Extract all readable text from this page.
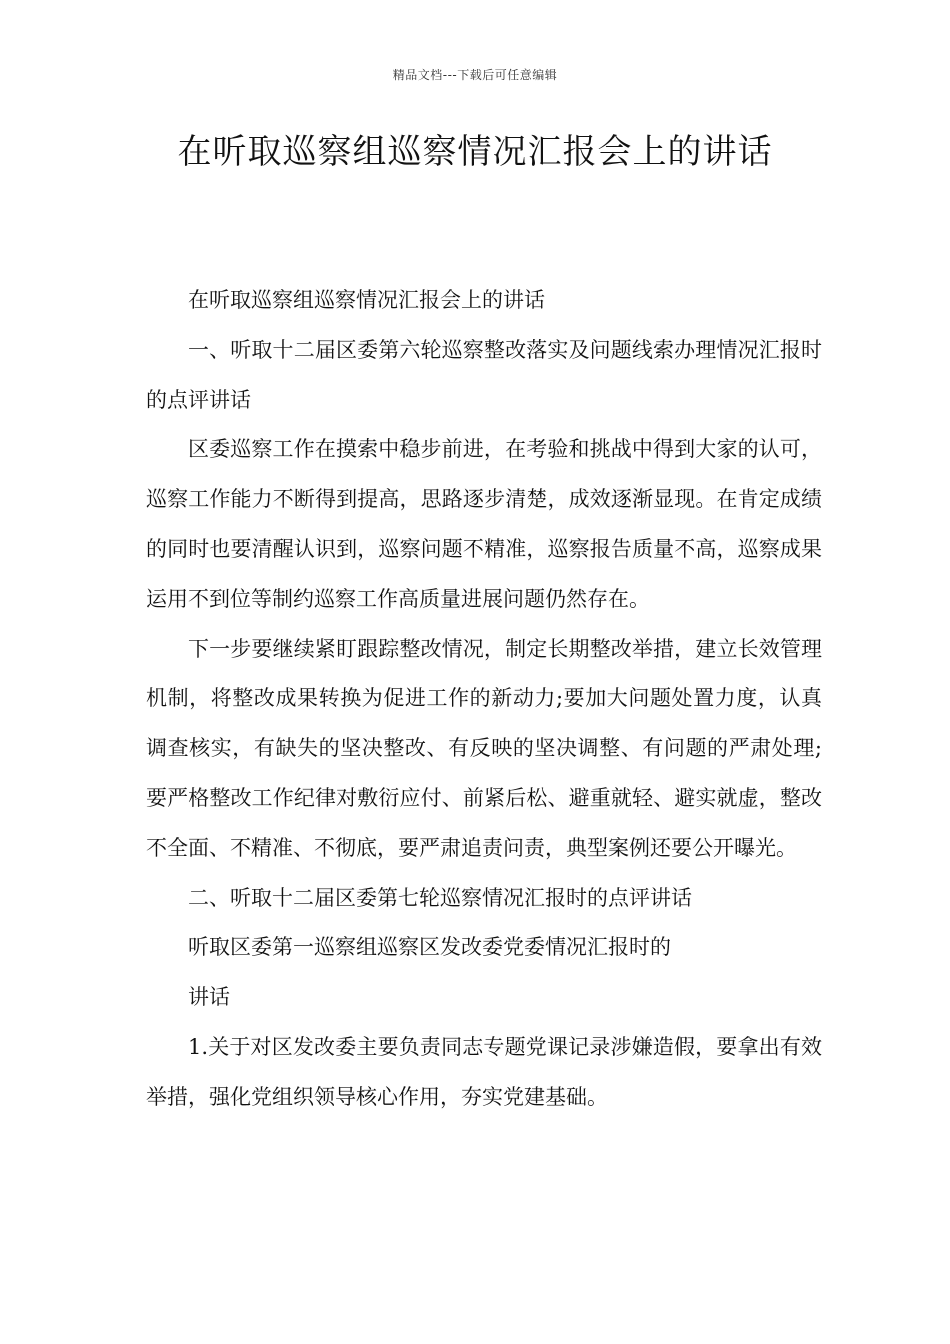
精品文档---下载后可任意编辑
在听取巡察组巡察情况汇报会上的讲话

在听取巡察组巡察情况汇报会上的讲话

一、听取十二届区委第六轮巡察整改落实及问题线索办理情况汇报时的点评讲话

区委巡察工作在摸索中稳步前进，在考验和挑战中得到大家的认可，巡察工作能力不断得到提高，思路逐步清楚，成效逐渐显现。在肯定成绩的同时也要清醒认识到，巡察问题不精准，巡察报告质量不高，巡察成果运用不到位等制约巡察工作高质量进展问题仍然存在。

下一步要继续紧盯跟踪整改情况，制定长期整改举措，建立长效管理机制，将整改成果转换为促进工作的新动力;要加大问题处置力度，认真调查核实，有缺失的坚决整改、有反映的坚决调整、有问题的严肃处理;要严格整改工作纪律对敷衍应付、前紧后松、避重就轻、避实就虚，整改不全面、不精准、不彻底，要严肃追责问责，典型案例还要公开曝光。

二、听取十二届区委第七轮巡察情况汇报时的点评讲话

听取区委第一巡察组巡察区发改委党委情况汇报时的

讲话

1.关于对区发改委主要负责同志专题党课记录涉嫌造假，要拿出有效举措，强化党组织领导核心作用，夯实党建基础。
